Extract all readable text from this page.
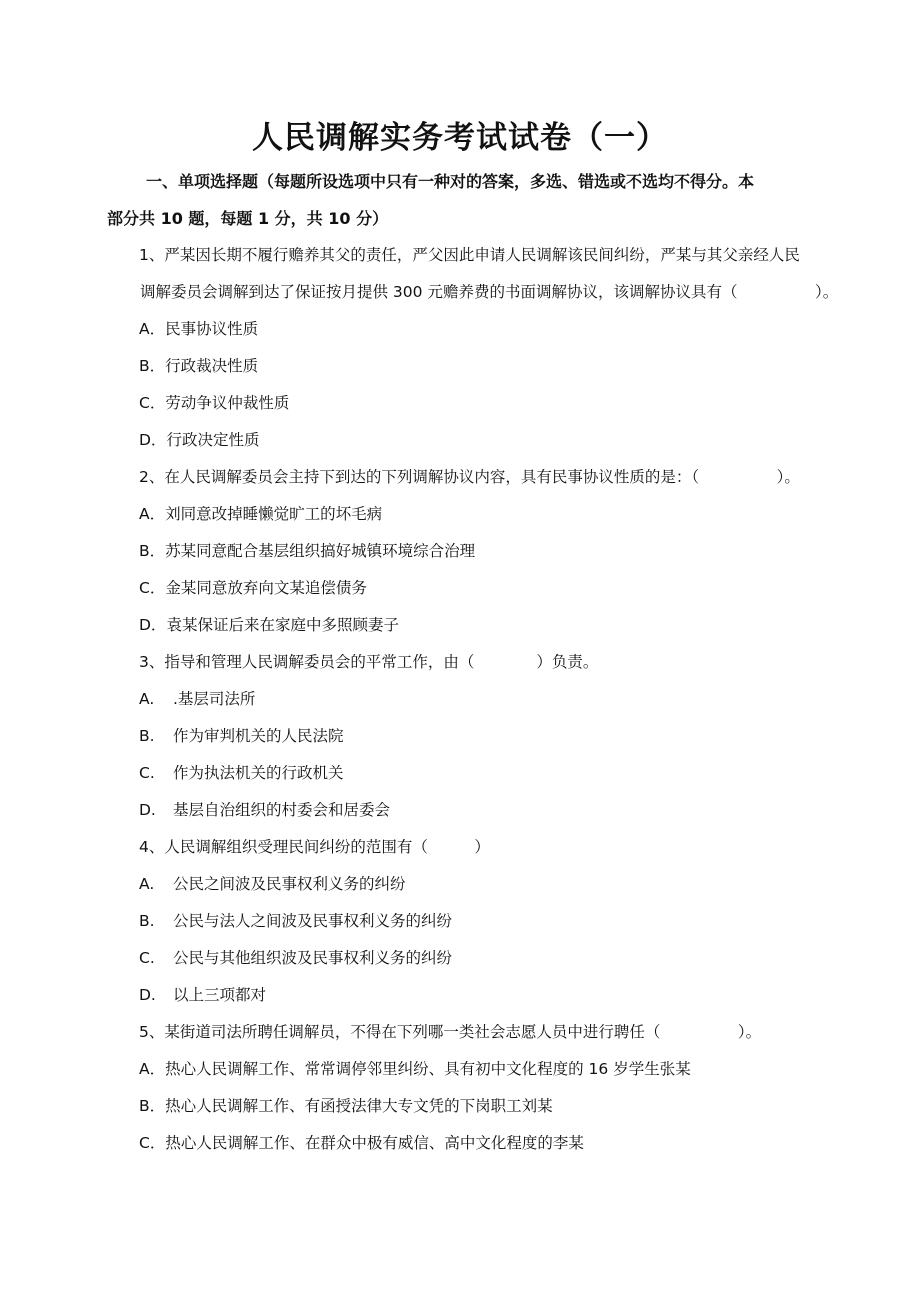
人民调解实务考试试卷（一）
一、单项选择题（每题所设选项中只有一种对的答案，多选、错选或不选均不得分。本
部分共 10 题，每题 1 分，共 10 分）
1、严某因长期不履行赡养其父的责任，严父因此申请人民调解该民间纠纷，严某与其父亲经人民
调解委员会调解到达了保证按月提供 300 元赡养费的书面调解协议，该调解协议具有（　　　　　）。
A．民事协议性质
B．行政裁决性质
C．劳动争议仲裁性质
D．行政决定性质
2、在人民调解委员会主持下到达的下列调解协议内容，具有民事协议性质的是：（　　　　　）。
A．刘同意改掉睡懒觉旷工的坏毛病
B．苏某同意配合基层组织搞好城镇环境综合治理
C．金某同意放弃向文某追偿债务
D．袁某保证后来在家庭中多照顾妻子
3、指导和管理人民调解委员会的平常工作，由（　　　　）负责。
A. .基层司法所
B. 作为审判机关的人民法院
C. 作为执法机关的行政机关
D. 基层自治组织的村委会和居委会
4、人民调解组织受理民间纠纷的范围有（　　　）
A. 公民之间波及民事权利义务的纠纷
B. 公民与法人之间波及民事权利义务的纠纷
C. 公民与其他组织波及民事权利义务的纠纷
D. 以上三项都对
5、某街道司法所聘任调解员，不得在下列哪一类社会志愿人员中进行聘任（　　　　　）。
A．热心人民调解工作、常常调停邻里纠纷、具有初中文化程度的 16 岁学生张某
B．热心人民调解工作、有函授法律大专文凭的下岗职工刘某
C．热心人民调解工作、在群众中极有威信、高中文化程度的李某
